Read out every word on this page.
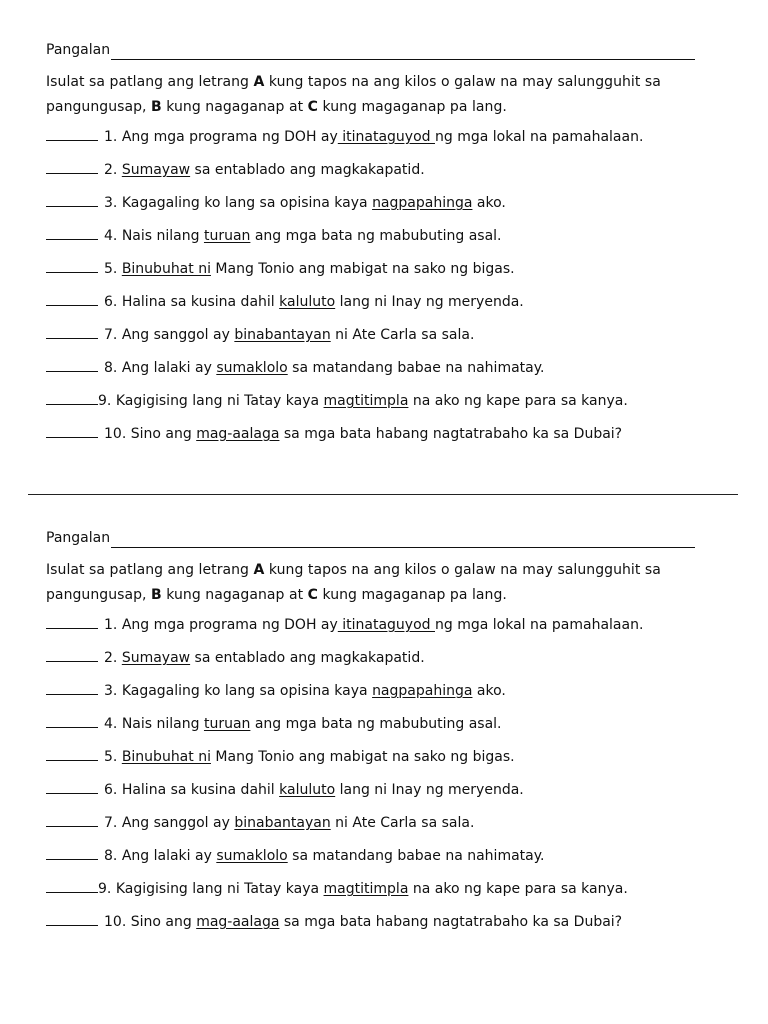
Pangalan
Isulat sa patlang ang letrang A kung tapos na ang kilos o galaw na may salungguhit sa pangungusap, B kung nagaganap at C kung magaganap pa lang.
1. Ang mga programa ng DOH ay itinataguyod ng mga lokal na pamahalaan.
2. Sumayaw sa entablado ang magkakapatid.
3. Kagagaling ko lang sa opisina kaya nagpapahinga ako.
4. Nais nilang turuan ang mga bata ng mabubuting asal.
5. Binubuhat ni Mang Tonio ang mabigat na sako ng bigas.
6. Halina sa kusina dahil kaluluto lang ni Inay ng meryenda.
7. Ang sanggol ay binabantayan ni Ate Carla sa sala.
8. Ang lalaki ay sumaklolo sa matandang babae na nahimatay.
9. Kagigising lang ni Tatay kaya magtitimpla na ako ng kape para sa kanya.
10. Sino ang mag-aalaga sa mga bata habang nagtatrabaho ka sa Dubai?
Pangalan
Isulat sa patlang ang letrang A kung tapos na ang kilos o galaw na may salungguhit sa pangungusap, B kung nagaganap at C kung magaganap pa lang.
1. Ang mga programa ng DOH ay itinataguyod ng mga lokal na pamahalaan.
2. Sumayaw sa entablado ang magkakapatid.
3. Kagagaling ko lang sa opisina kaya nagpapahinga ako.
4. Nais nilang turuan ang mga bata ng mabubuting asal.
5. Binubuhat ni Mang Tonio ang mabigat na sako ng bigas.
6. Halina sa kusina dahil kaluluto lang ni Inay ng meryenda.
7. Ang sanggol ay binabantayan ni Ate Carla sa sala.
8. Ang lalaki ay sumaklolo sa matandang babae na nahimatay.
9. Kagigising lang ni Tatay kaya magtitimpla na ako ng kape para sa kanya.
10. Sino ang mag-aalaga sa mga bata habang nagtatrabaho ka sa Dubai?
